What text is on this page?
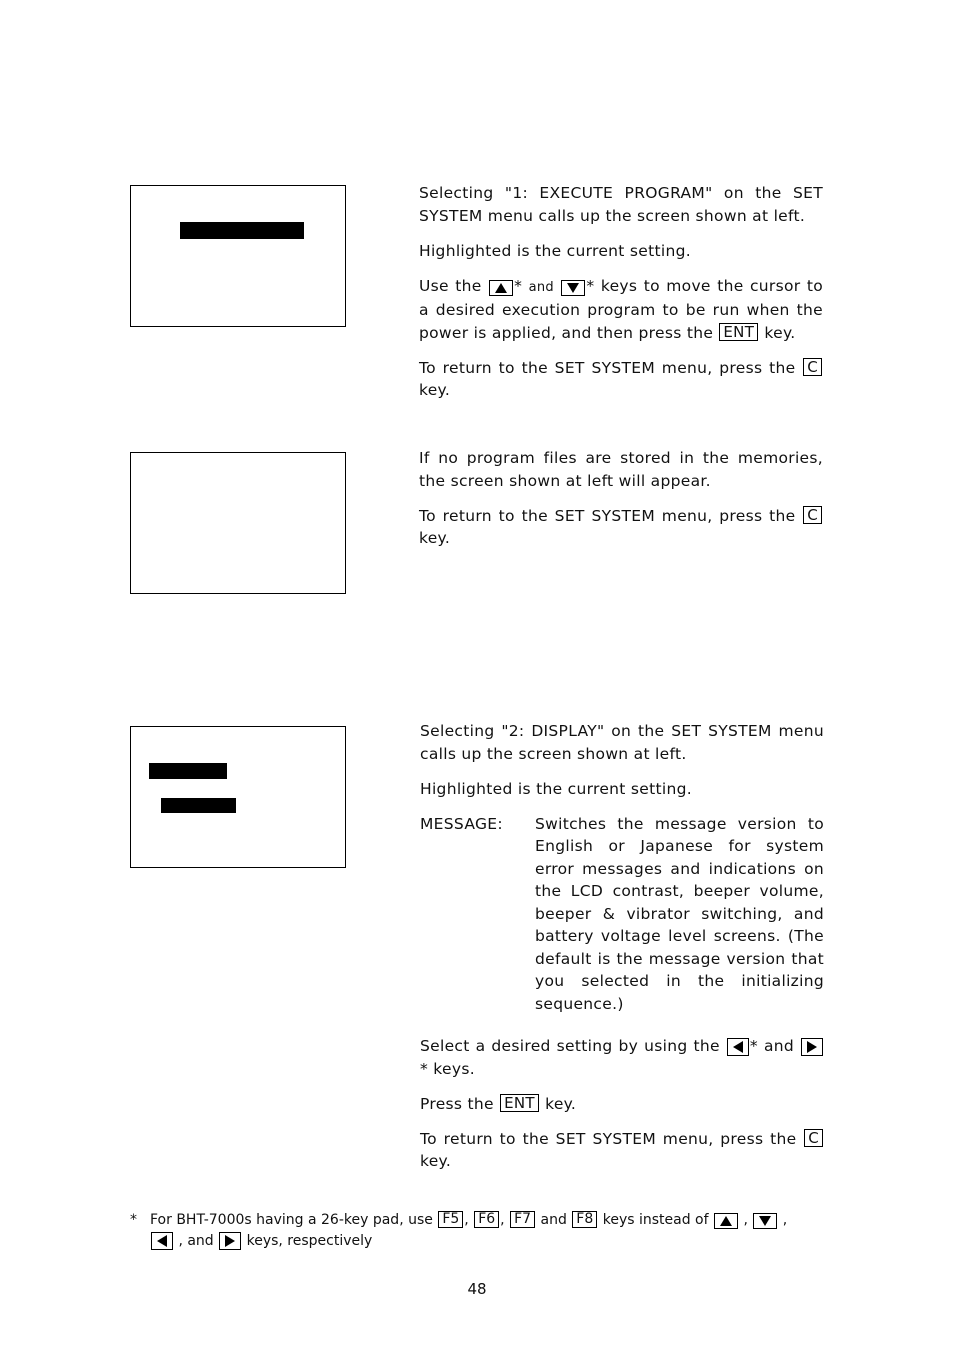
Selecting "1: EXECUTE PROGRAM" on the SET SYSTEM menu calls up the screen shown at left.

Highlighted is the current setting.

Use the * and * keys to move the cursor to a desired execution program to be run when the power is applied, and then press the ENT key.

To return to the SET SYSTEM menu, press the Ckey.

If no program files are stored in the memories, the screen shown at left will appear.

To return to the SET SYSTEM menu, press the C key.

Selecting "2: DISPLAY" on the SET SYSTEM menu calls up the screen shown at left.

Highlighted is the current setting.

MESSAGE:	Switches the message version to English or Japanese for system error messages and indications on the LCD contrast, beeper volume, beeper & vibrator switching, and battery voltage level screens. (The default is the message version that you selected in the initializing sequence.)

Select a desired setting by using the * and * keys.

Press the ENT key.

To return to the SET SYSTEM menu, press the C key.

* For BHT-7000s having a 26-key pad, use F5 , F6 , F7 and F8 keys instead of  ,  ,
, and keys, respectively
48
